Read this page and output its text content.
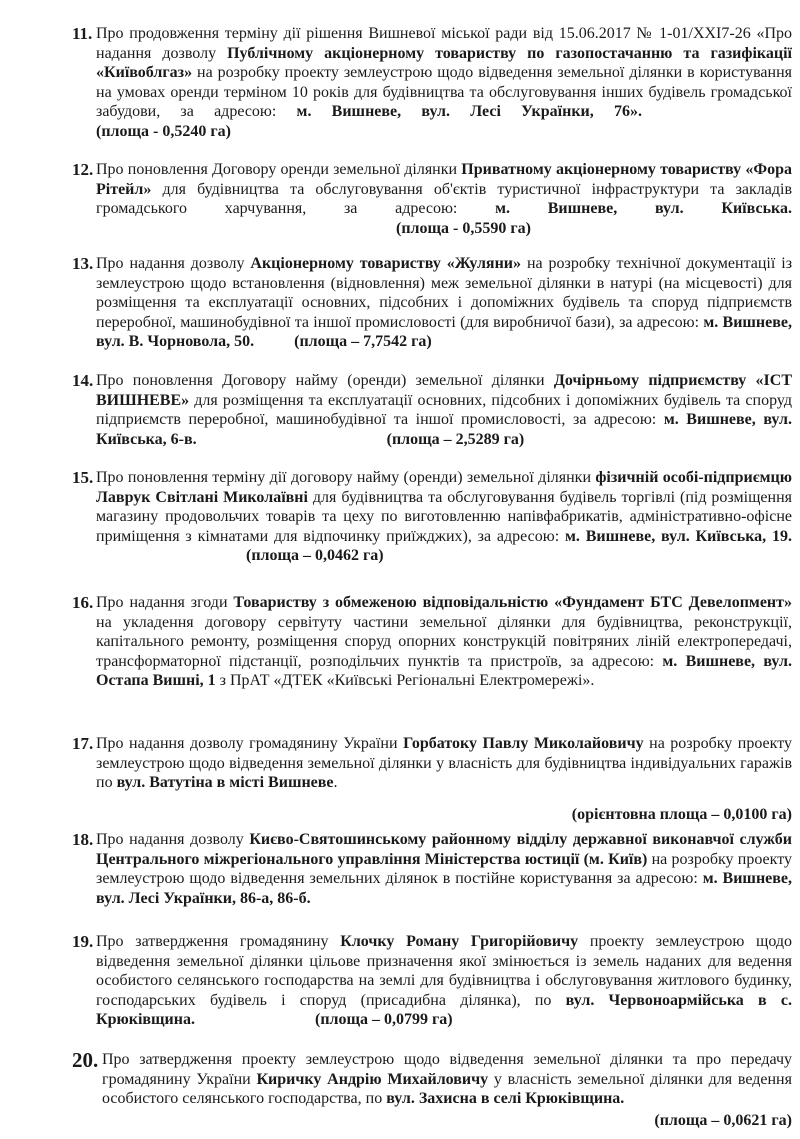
11. Про продовження терміну дії рішення Вишневої міської ради від 15.06.2017 № 1-01/ХХІ7-26 «Про надання дозволу Публічному акціонерному товариству по газопостачанню та газифікації «Київоблгаз» на розробку проекту землеустрою щодо відведення земельної ділянки в користування на умовах оренди терміном 10 років для будівництва та обслуговування інших будівель громадської забудови, за адресою: м. Вишневе, вул. Лесі Українки, 76».(площа - 0,5240 га)
12. Про поновлення Договору оренди земельної ділянки Приватному акціонерному товариству «Фора Рітейл» для будівництва та обслуговування об'єктів туристичної інфраструктури та закладів громадського харчування, за адресою: м. Вишневе, вул. Київська.(площа - 0,5590 га)
13. Про надання дозволу Акціонерному товариству «Жуляни» на розробку технічної документації із землеустрою щодо встановлення (відновлення) меж земельної ділянки в натурі (на місцевості) для розміщення та експлуатації основних, підсобних і допоміжних будівель та споруд підприємств переробної, машинобудівної та іншої промисловості (для виробничої бази), за адресою: м. Вишневе, вул. В. Чорновола, 50.	(площа – 7,7542 га)
14. Про поновлення Договору найму (оренди) земельної ділянки Дочірньому підприємству «ІСТ ВИШНЕВЕ» для розміщення та експлуатації основних, підсобних і допоміжних будівель та споруд підприємств переробної, машинобудівної та іншої промисловості, за адресою: м. Вишневе, вул. Київська, 6-в.	(площа – 2,5289 га)
15. Про поновлення терміну дії договору найму (оренди) земельної ділянки фізичній особі-підприємцю Лаврук Світлані Миколаївні для будівництва та обслуговування будівель торгівлі (під розміщення магазину продовольчих товарів та цеху по виготовленню напівфабрикатів, адміністративно-офісне приміщення з кімнатами для відпочинку приїжджих), за адресою: м. Вишневе, вул. Київська, 19.(площа – 0,0462 га)
16. Про надання згоди Товариству з обмеженою відповідальністю «Фундамент БТС Девелопмент» на укладення договору сервітуту частини земельної ділянки для будівництва, реконструкції, капітального ремонту, розміщення споруд опорних конструкцій повітряних ліній електропередачі, трансформаторної підстанції, розподільчих пунктів та пристроїв, за адресою: м. Вишневе, вул. Остапа Вишні, 1 з ПрАТ «ДТЕК «Київські Регіональні Електромережі».
17. Про надання дозволу громадянину України Горбатоку Павлу Миколайовичу на розробку проекту землеустрою щодо відведення земельної ділянки у власність для будівництва індивідуальних гаражів по вул. Ватутіна в місті Вишневе.
(орієнтовна площа – 0,0100 га)
18. Про надання дозволу Києво-Святошинському районному відділу державної виконавчої служби Центрального міжрегіонального управління Міністерства юстиції (м. Київ) на розробку проекту землеустрою щодо відведення земельних ділянок в постійне користування за адресою: м. Вишневе, вул. Лесі Українки, 86-а, 86-б.
19. Про затвердження громадянину Клочку Роману Григорійовичу проекту землеустрою щодо відведення земельної ділянки цільове призначення якої змінюється із земель наданих для ведення особистого селянського господарства на землі для будівництва і обслуговування житлового будинку, господарських будівель і споруд (присадибна ділянка), по вул. Червоноармійська в с. Крюківщина.	(площа – 0,0799 га)
20. Про затвердження проекту землеустрою щодо відведення земельної ділянки та про передачу громадянину України Киричку Андрію Михайловичу у власність земельної ділянки для ведення особистого селянського господарства, по вул. Захисна в селі Крюківщина.
(площа – 0,0621 га)
